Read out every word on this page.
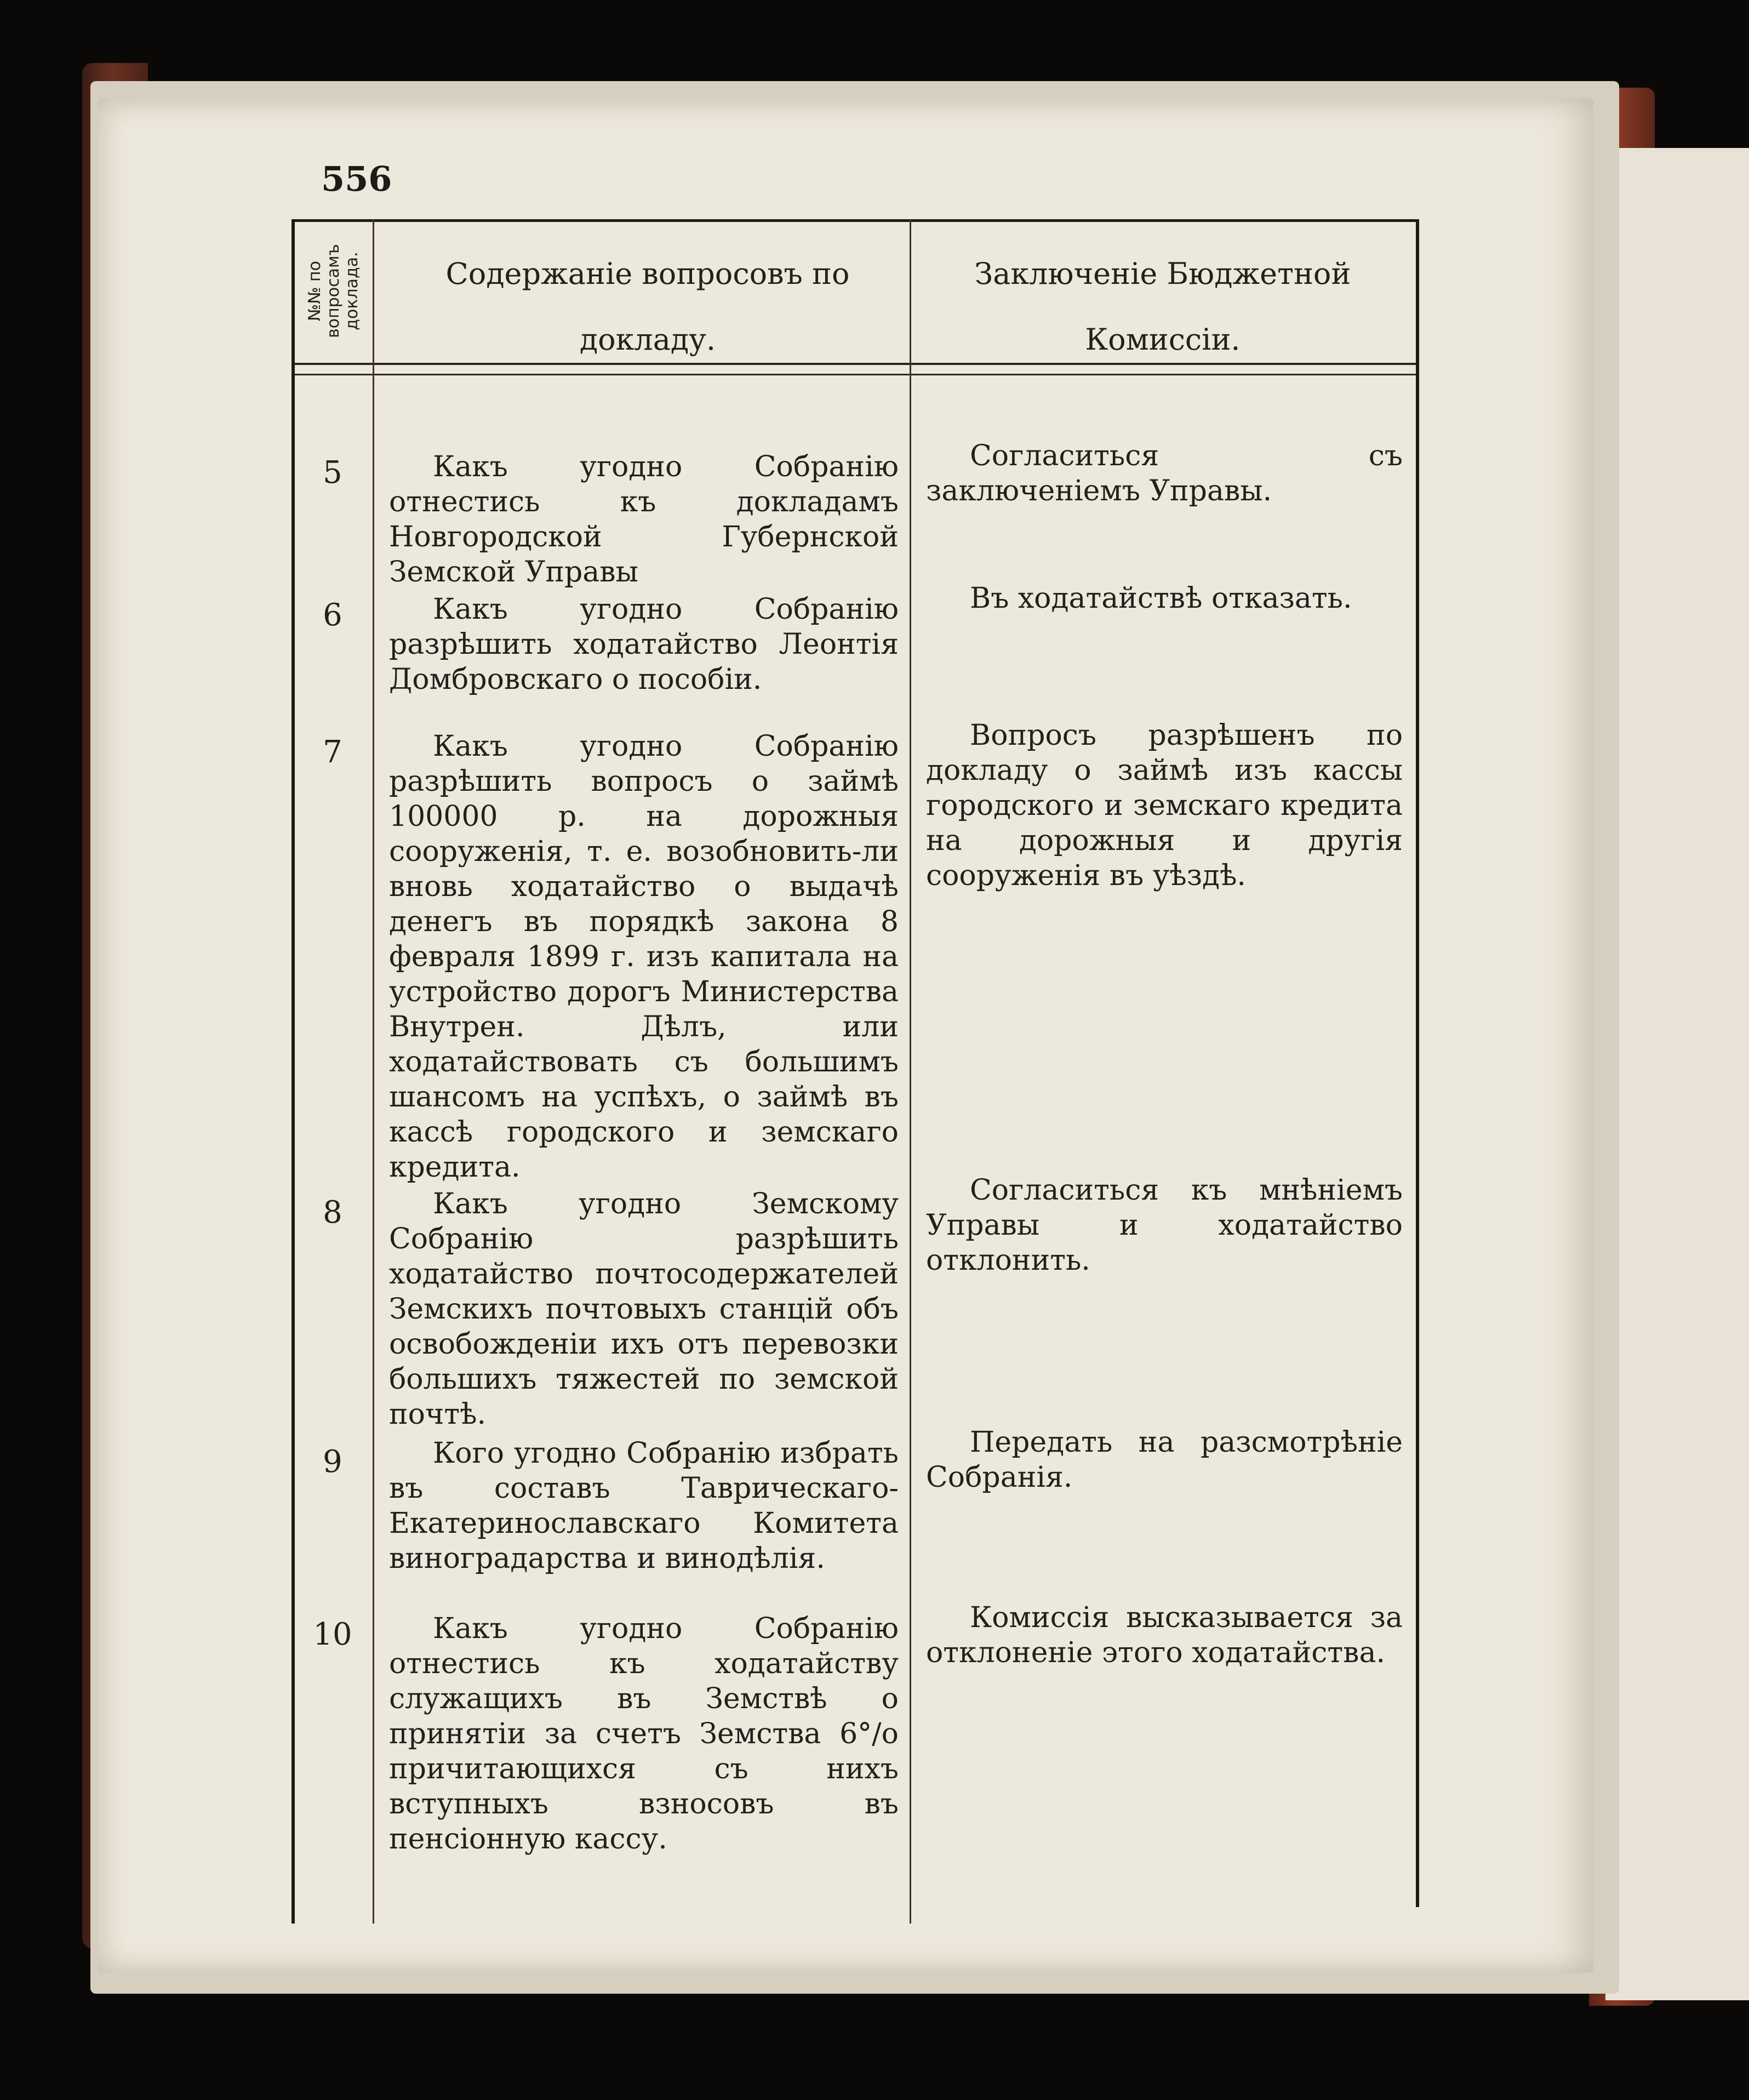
556
№№ по
вопросамъ
доклада.	Содержаніе вопросовъ по докладу.
Заключеніе Бюджетной Комиссіи.
5	Какъ угодно Собранію отнестись къ докладамъ Новгородской Губернской Земской Управы
Согласиться съ заключеніемъ Управы.
6	Какъ угодно Собранію разрѣшить ходатайство Леонтія Домбровскаго о пособіи.
Въ ходатайствѣ отказать.
7	Какъ угодно Собранію разрѣшить вопросъ о займѣ 100000 р. на дорожныя сооруженія, т. е. возобновить-ли вновь ходатайство о выдачѣ денегъ въ порядкѣ закона 8 февраля 1899 г. изъ капитала на устройство дорогъ Министерства Внутрен. Дѣлъ, или ходатайствовать съ большимъ шансомъ на успѣхъ, о займѣ въ кассѣ городского и земскаго кредита.
Вопросъ разрѣшенъ по докладу о займѣ изъ кассы городского и земскаго кредита на дорожныя и другія сооруженія въ уѣздѣ.
8	Какъ угодно Земскому Собранію разрѣшить ходатайство почтосодержателей Земскихъ почтовыхъ станцій объ освобожденіи ихъ отъ перевозки большихъ тяжестей по земской почтѣ.
Согласиться къ мнѣніемъ Управы и ходатайство отклонить.
9	Кого угодно Собранію избрать въ составъ Таврическаго-Екатеринославскаго Комитета виноградарства и винодѣлія.
Передать на разсмотрѣніе Собранія.
10	Какъ угодно Собранію отнестись къ ходатайству служащихъ въ Земствѣ о принятіи за счетъ Земства 6°/o причитающихся съ нихъ вступныхъ взносовъ въ пенсіонную кассу.
Комиссія высказывается за отклоненіе этого ходатайства.
